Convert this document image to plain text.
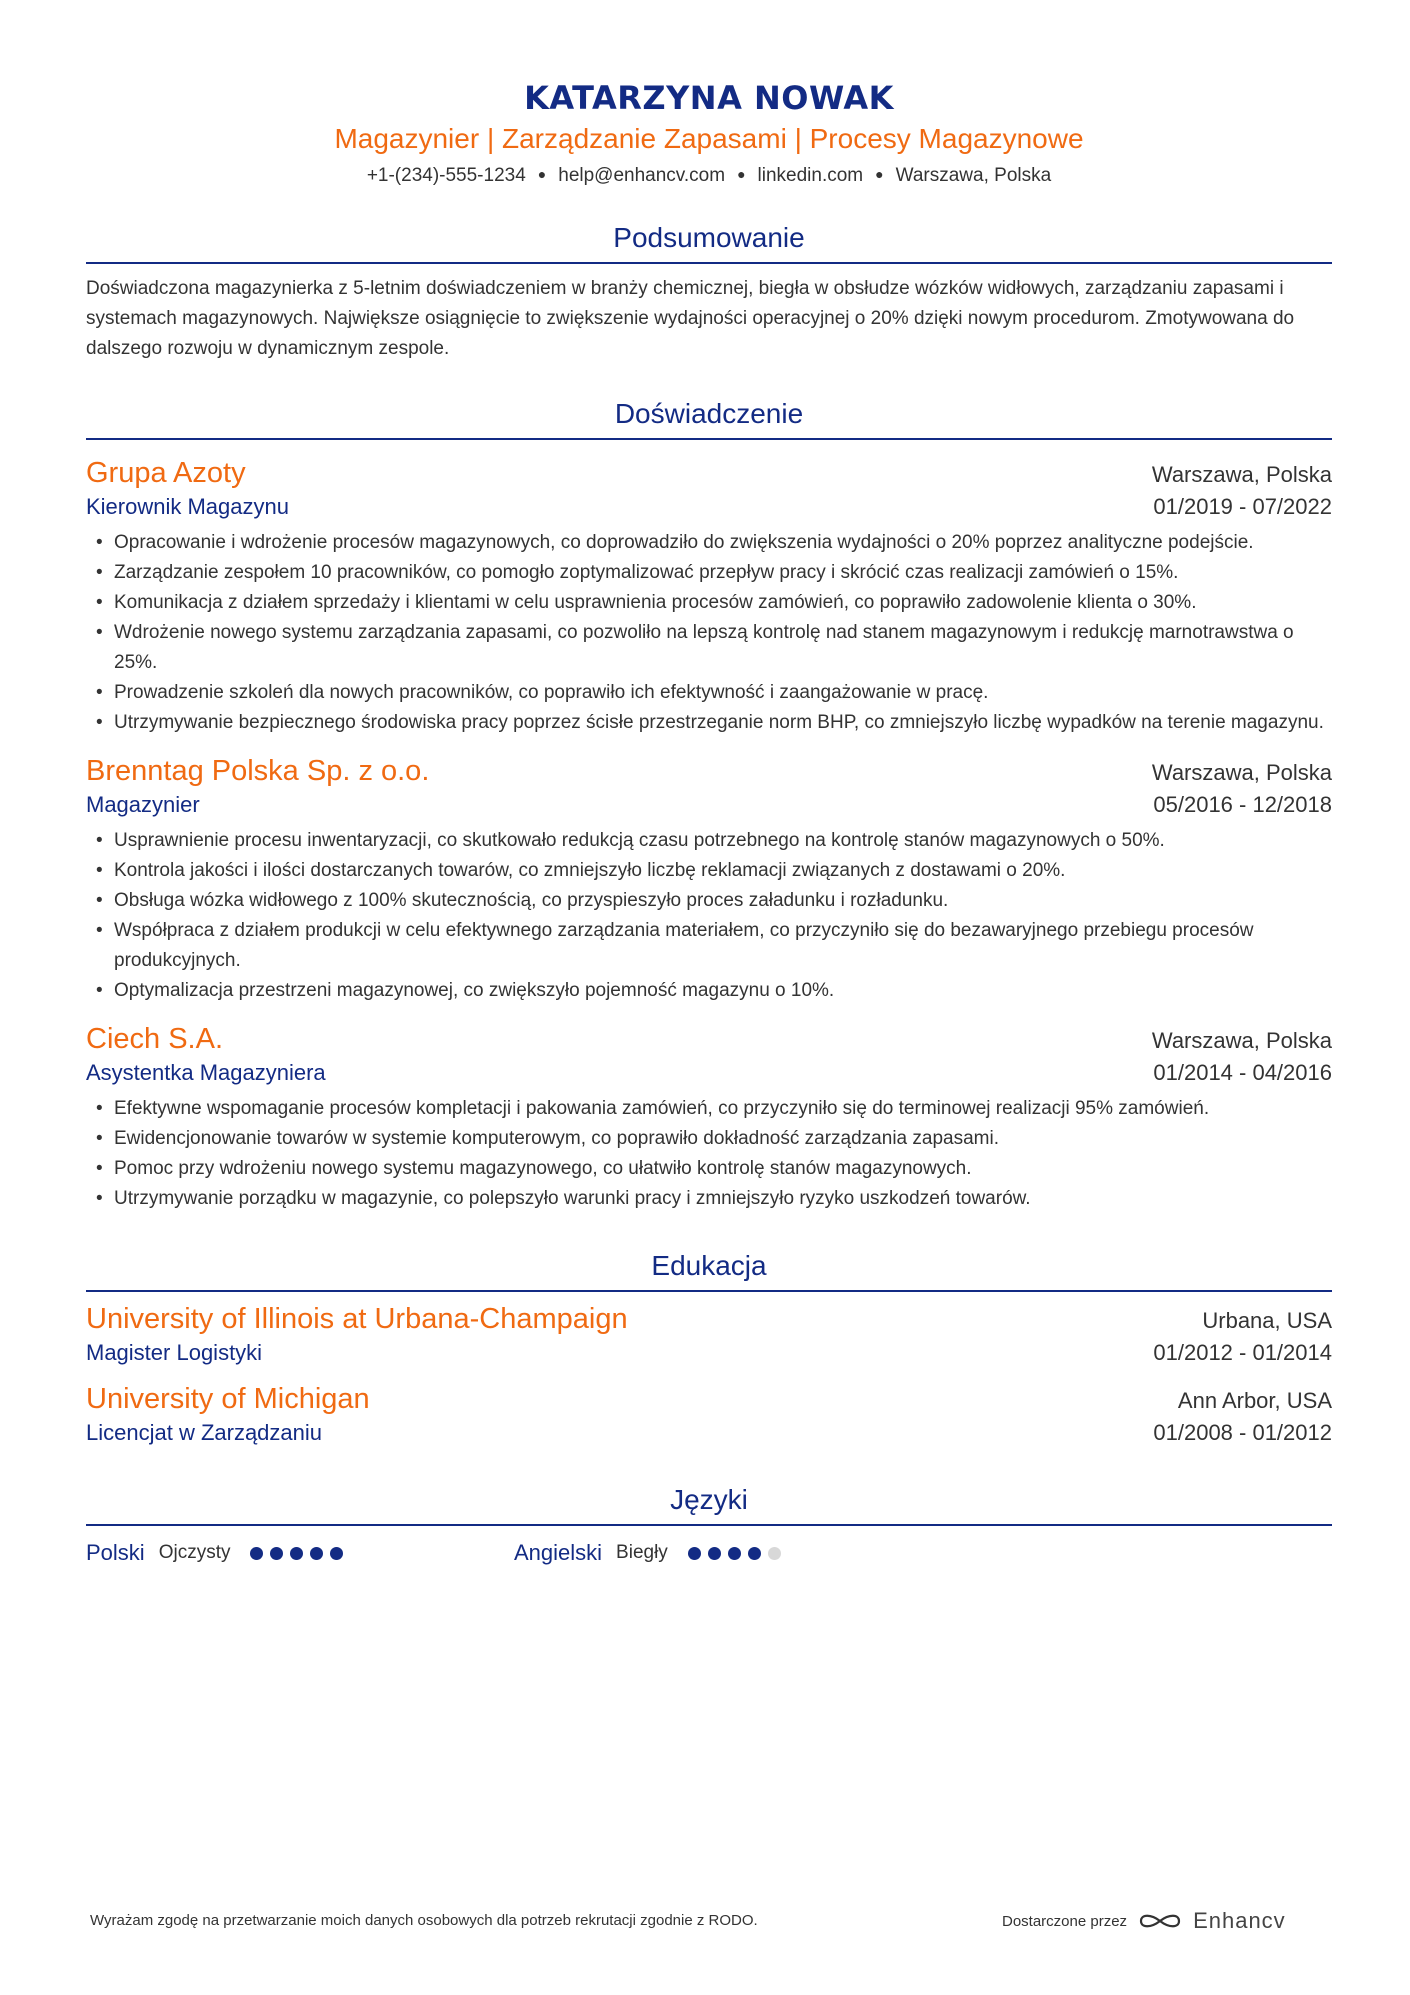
KATARZYNA NOWAK
Magazynier | Zarządzanie Zapasami | Procesy Magazynowe
+1-(234)-555-1234 ● help@enhancv.com ● linkedin.com ● Warszawa, Polska
Podsumowanie

Doświadczona magazynierka z 5-letnim doświadczeniem w branży chemicznej, biegła w obsłudze wózków widłowych, zarządzaniu zapasami i systemach magazynowych. Największe osiągnięcie to zwiększenie wydajności operacyjnej o 20% dzięki nowym procedurom. Zmotywowana do dalszego rozwoju w dynamicznym zespole.

Doświadczenie
Grupa Azoty	Warszawa, Polska
Kierownik Magazynu	01/2019 - 07/2022
• Opracowanie i wdrożenie procesów magazynowych, co doprowadziło do zwiększenia wydajności o 20% poprzez analityczne podejście.
• Zarządzanie zespołem 10 pracowników, co pomogło zoptymalizować przepływ pracy i skrócić czas realizacji zamówień o 15%.
• Komunikacja z działem sprzedaży i klientami w celu usprawnienia procesów zamówień, co poprawiło zadowolenie klienta o 30%.
• Wdrożenie nowego systemu zarządzania zapasami, co pozwoliło na lepszą kontrolę nad stanem magazynowym i redukcję marnotrawstwa o 25%.
• Prowadzenie szkoleń dla nowych pracowników, co poprawiło ich efektywność i zaangażowanie w pracę.
• Utrzymywanie bezpiecznego środowiska pracy poprzez ścisłe przestrzeganie norm BHP, co zmniejszyło liczbę wypadków na terenie magazynu.
Brenntag Polska Sp. z o.o.	Warszawa, Polska
Magazynier	05/2016 - 12/2018
• Usprawnienie procesu inwentaryzacji, co skutkowało redukcją czasu potrzebnego na kontrolę stanów magazynowych o 50%.
• Kontrola jakości i ilości dostarczanych towarów, co zmniejszyło liczbę reklamacji związanych z dostawami o 20%.
• Obsługa wózka widłowego z 100% skutecznością, co przyspieszyło proces załadunku i rozładunku.
• Współpraca z działem produkcji w celu efektywnego zarządzania materiałem, co przyczyniło się do bezawaryjnego przebiegu procesów produkcyjnych.
• Optymalizacja przestrzeni magazynowej, co zwiększyło pojemność magazynu o 10%.
Ciech S.A.	Warszawa, Polska
Asystentka Magazyniera	01/2014 - 04/2016
• Efektywne wspomaganie procesów kompletacji i pakowania zamówień, co przyczyniło się do terminowej realizacji 95% zamówień.
• Ewidencjonowanie towarów w systemie komputerowym, co poprawiło dokładność zarządzania zapasami.
• Pomoc przy wdrożeniu nowego systemu magazynowego, co ułatwiło kontrolę stanów magazynowych.
• Utrzymywanie porządku w magazynie, co polepszyło warunki pracy i zmniejszyło ryzyko uszkodzeń towarów.
Edukacja
University of Illinois at Urbana-Champaign	Urbana, USA
Magister Logistyki	01/2012 - 01/2014
University of Michigan	Ann Arbor, USA
Licencjat w Zarządzaniu	01/2008 - 01/2012
Języki
Polski Ojczysty	Angielski Biegły
Wyrażam zgodę na przetwarzanie moich danych osobowych dla potrzeb rekrutacji zgodnie z RODO.	Dostarczone przez	Enhancv
